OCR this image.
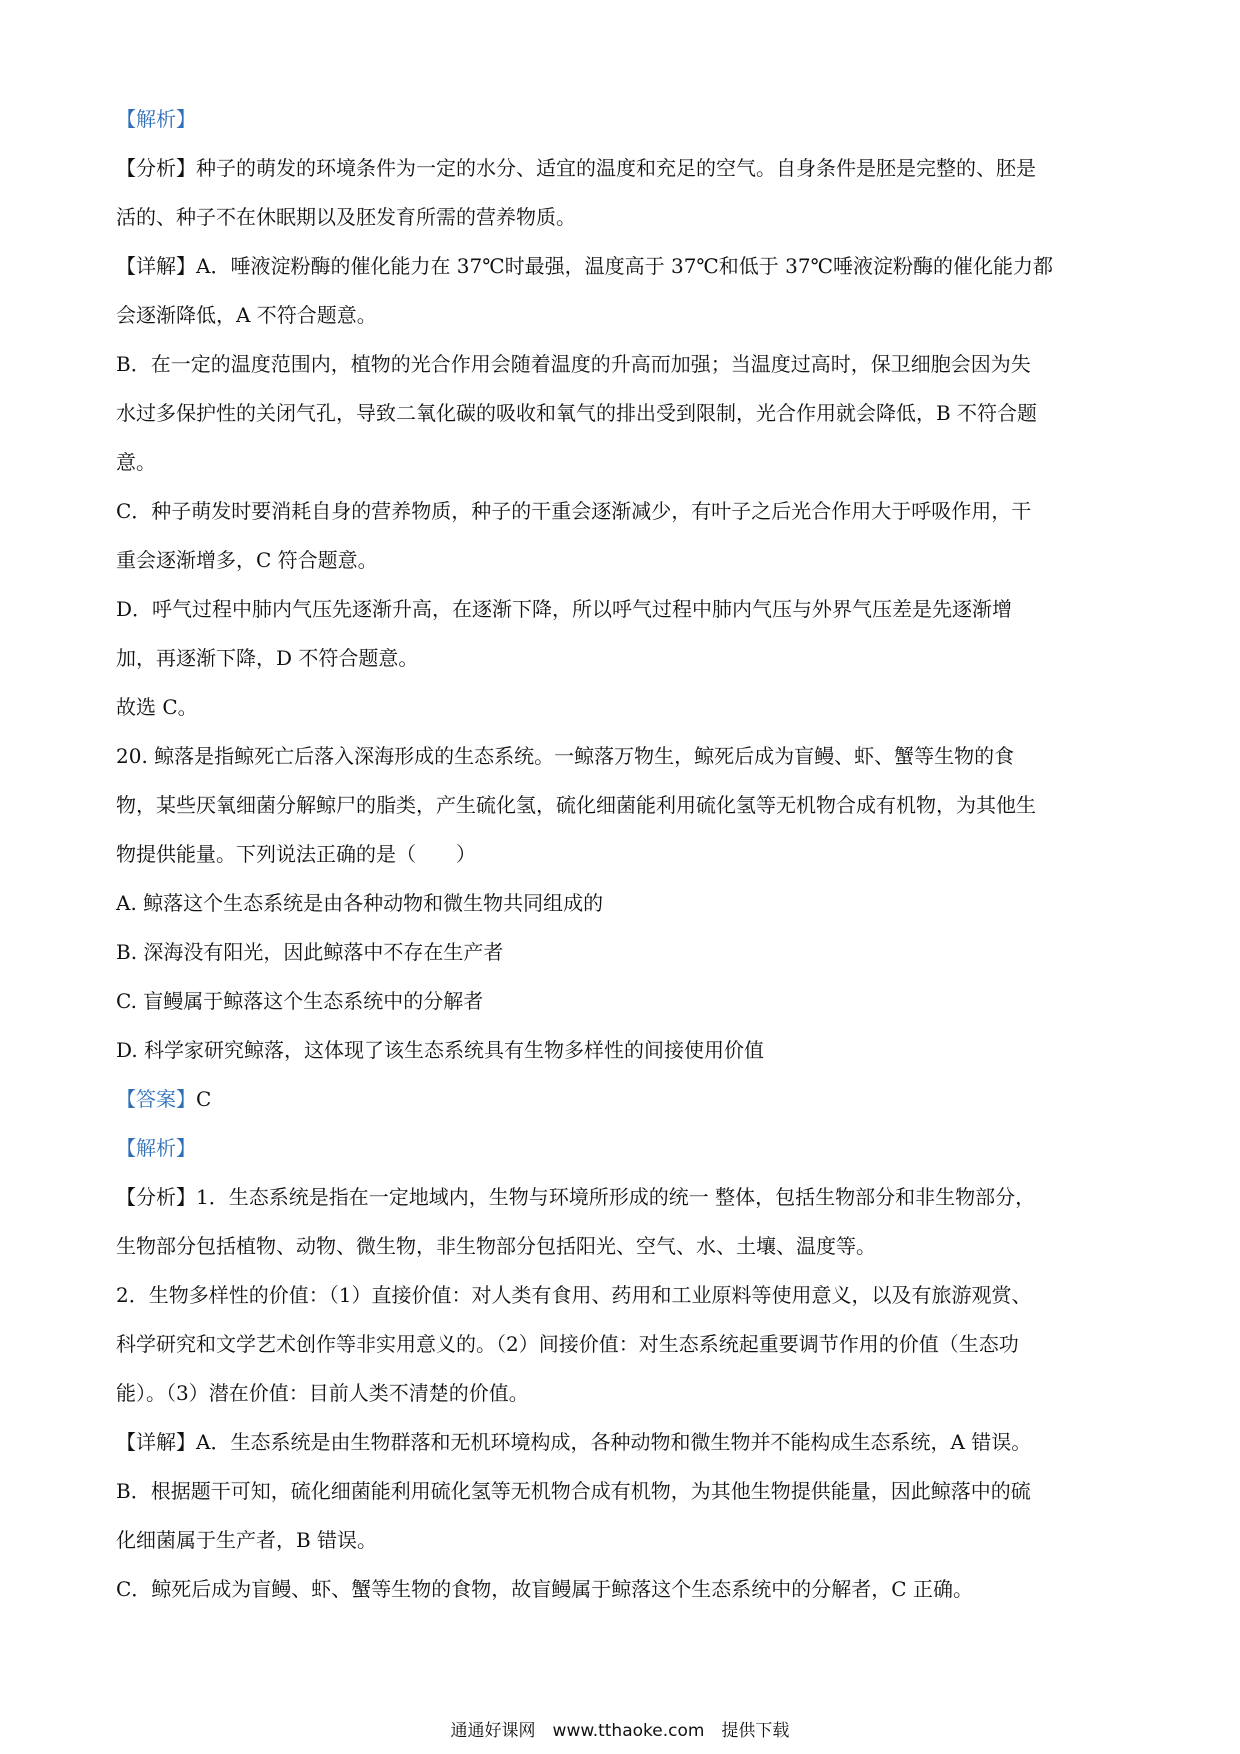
【解析】
【分析】种子的萌发的环境条件为一定的水分、适宜的温度和充足的空气。自身条件是胚是完整的、胚是
活的、种子不在休眠期以及胚发育所需的营养物质。
【详解】A．唾液淀粉酶的催化能力在 37℃时最强，温度高于 37℃和低于 37℃唾液淀粉酶的催化能力都
会逐渐降低，A 不符合题意。
B．在一定的温度范围内，植物的光合作用会随着温度的升高而加强；当温度过高时，保卫细胞会因为失
水过多保护性的关闭气孔，导致二氧化碳的吸收和氧气的排出受到限制，光合作用就会降低，B 不符合题
意。
C．种子萌发时要消耗自身的营养物质，种子的干重会逐渐减少，有叶子之后光合作用大于呼吸作用，干
重会逐渐增多，C 符合题意。
D．呼气过程中肺内气压先逐渐升高，在逐渐下降，所以呼气过程中肺内气压与外界气压差是先逐渐增
加，再逐渐下降，D 不符合题意。
故选 C。
20. 鲸落是指鲸死亡后落入深海形成的生态系统。一鲸落万物生，鲸死后成为盲鳗、虾、蟹等生物的食
物，某些厌氧细菌分解鲸尸的脂类，产生硫化氢，硫化细菌能利用硫化氢等无机物合成有机物，为其他生
物提供能量。下列说法正确的是（　　）
A. 鲸落这个生态系统是由各种动物和微生物共同组成的
B. 深海没有阳光，因此鲸落中不存在生产者
C. 盲鳗属于鲸落这个生态系统中的分解者
D. 科学家研究鲸落，这体现了该生态系统具有生物多样性的间接使用价值
【答案】C
【解析】
【分析】1．生态系统是指在一定地域内，生物与环境所形成的统一 整体，包括生物部分和非生物部分，
生物部分包括植物、动物、微生物，非生物部分包括阳光、空气、水、土壤、温度等。
2．生物多样性的价值：（1）直接价值：对人类有食用、药用和工业原料等使用意义，以及有旅游观赏、
科学研究和文学艺术创作等非实用意义的。（2）间接价值：对生态系统起重要调节作用的价值（生态功
能）。（3）潜在价值：目前人类不清楚的价值。
【详解】A．生态系统是由生物群落和无机环境构成，各种动物和微生物并不能构成生态系统，A 错误。
B．根据题干可知，硫化细菌能利用硫化氢等无机物合成有机物，为其他生物提供能量，因此鲸落中的硫
化细菌属于生产者，B 错误。
C．鲸死后成为盲鳗、虾、蟹等生物的食物，故盲鳗属于鲸落这个生态系统中的分解者，C 正确。
通通好课网　www.tthaoke.com　提供下载
